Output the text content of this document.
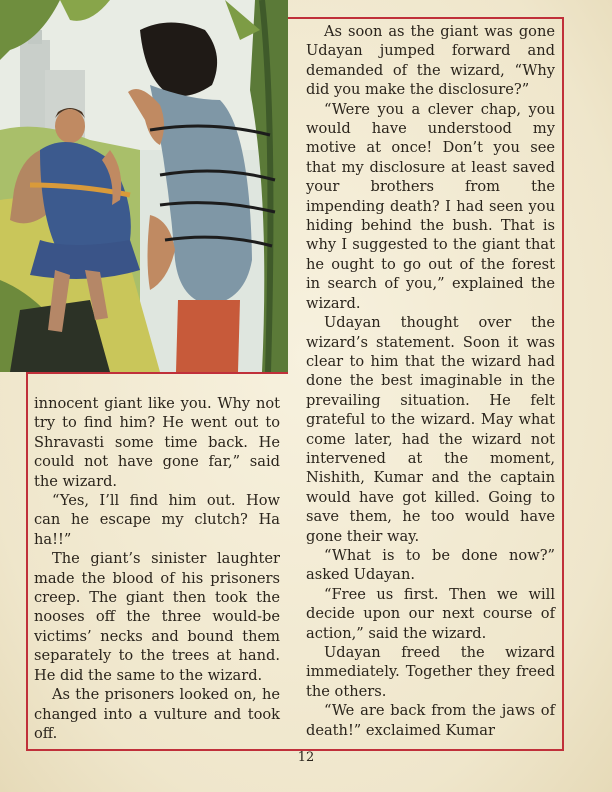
innocent giant like you. Why not try to find him? He went out to Shravasti some time back. He could not have gone far,” said the wizard.

“Yes, I’ll find him out. How can he escape my clutch? Ha ha!!”

The giant’s sinister laughter made the blood of his prisoners creep. The giant then took the nooses off the three would-be victims’ necks and bound them separately to the trees at hand. He did the same to the wizard.

As the prisoners looked on, he changed into a vulture and took off.

As soon as the giant was gone Udayan jumped forward and demanded of the wizard, “Why did you make the disclosure?”

“Were you a clever chap, you would have understood my motive at once! Don’t you see that my disclosure at least saved your brothers from the impending death? I had seen you hiding behind the bush. That is why I suggested to the giant that he ought to go out of the forest in search of you,” explained the wizard.

Udayan thought over the wizard’s statement. Soon it was clear to him that the wizard had done the best imaginable in the prevailing situation. He felt grateful to the wizard. May what come later, had the wizard not intervened at the moment, Nishith, Kumar and the captain would have got killed. Going to save them, he too would have gone their way.

“What is to be done now?” asked Udayan.

“Free us first. Then we will decide upon our next course of action,” said the wizard.

Udayan freed the wizard immediately. Together they freed the others.

“We are back from the jaws of death!” exclaimed Kumar

12
